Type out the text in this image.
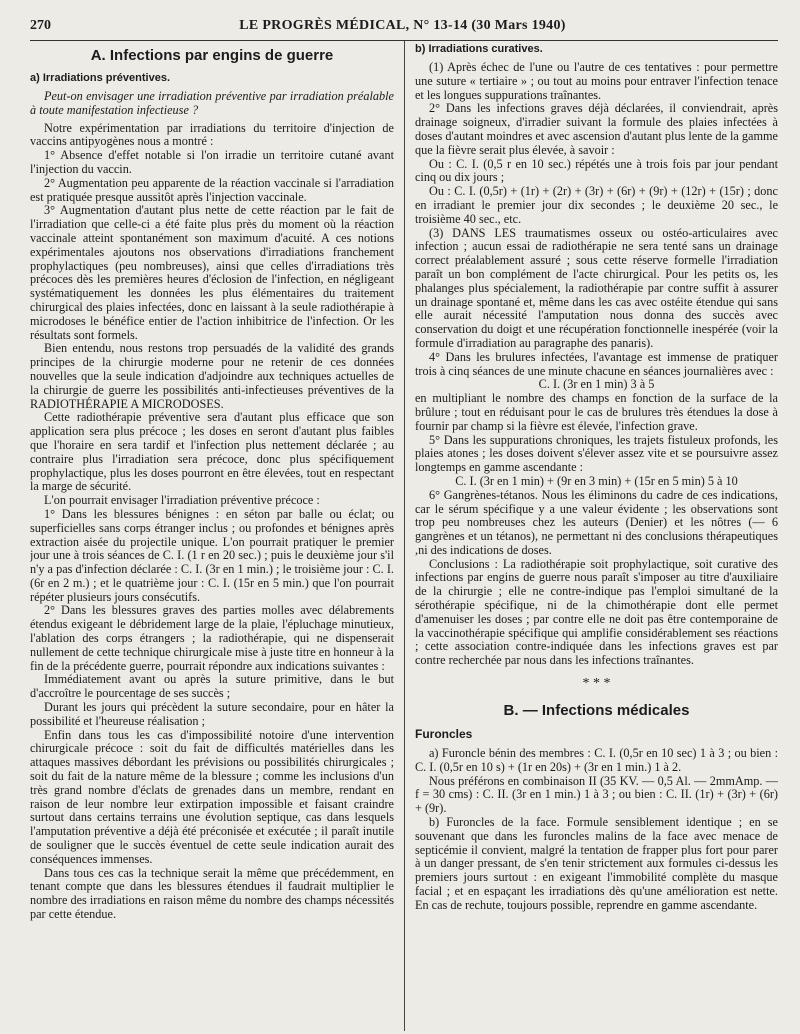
270	LE PROGRÈS MÉDICAL, N° 13-14 (30 Mars 1940)
A. Infections par engins de guerre
a) Irradiations préventives.

Peut-on envisager une irradiation préventive par irradiation préalable à toute manifestation infectieuse ?

Notre expérimentation par irradiations du territoire d'injection de vaccins antipyogènes nous a montré :

1° Absence d'effet notable si l'on irradie un territoire cutané avant l'injection du vaccin.

2° Augmentation peu apparente de la réaction vaccinale si l'arradiation est pratiquée presque aussitôt après l'injection vaccinale.

3° Augmentation d'autant plus nette de cette réaction par le fait de l'irradiation que celle-ci a été faite plus près du moment où la réaction vaccinale atteint spontanément son maximum d'acuité. A ces notions expérimentales ajoutons nos observations d'irradiations franchement prophylactiques (peu nombreuses), ainsi que celles d'irradiations très précoces dès les premières heures d'éclosion de l'infection, en négligeant systématiquement les données les plus élémentaires du traitement chirurgical des plaies infectées, donc en laissant à la seule radiothérapie à microdoses le bénéfice entier de l'action inhibitrice de l'infection. Or les résultats sont formels.

Bien entendu, nous restons trop persuadés de la validité des grands principes de la chirurgie moderne pour ne retenir de ces données nouvelles que la seule indication d'adjoindre aux techniques actuelles de la chirurgie de guerre les possibilités anti-infectieuses préventives de la RADIOTHÉRAPIE A MICRODOSES.

Cette radiothérapie préventive sera d'autant plus efficace que son application sera plus précoce ; les doses en seront d'autant plus faibles que l'horaire en sera tardif et l'infection plus nettement déclarée ; au contraire plus l'irradiation sera précoce, donc plus spécifiquement prophylactique, plus les doses pourront en être élevées, tout en respectant la marge de sécurité.

L'on pourrait envisager l'irradiation préventive précoce :

1° Dans les blessures bénignes : en séton par balle ou éclat; ou superficielles sans corps étranger inclus ; ou profondes et bénignes après extraction aisée du projectile unique. L'on pourrait pratiquer le premier jour une à trois séances de C. I. (1 r en 20 sec.) ; puis le deuxième jour s'il n'y a pas d'infection déclarée : C. I. (3r en 1 min.) ; le troisième jour : C. I. (6r en 2 m.) ; et le quatrième jour : C. I. (15r en 5 min.) que l'on pourrait répéter plusieurs jours consécutifs.

2° Dans les blessures graves des parties molles avec délabrements étendus exigeant le débridement large de la plaie, l'épluchage minutieux, l'ablation des corps étrangers ; la radiothérapie, qui ne dispenserait nullement de cette technique chirurgicale mise à juste titre en honneur à la fin de la précédente guerre, pourrait répondre aux indications suivantes :

Immédiatement avant ou après la suture primitive, dans le but d'accroître le pourcentage de ses succès ;

Durant les jours qui précèdent la suture secondaire, pour en hâter la possibilité et l'heureuse réalisation ;

Enfin dans tous les cas d'impossibilité notoire d'une intervention chirurgicale précoce : soit du fait de difficultés matérielles dans les attaques massives débordant les prévisions ou possibilités chirurgicales ; soit du fait de la nature même de la blessure ; comme les inclusions d'un très grand nombre d'éclats de grenades dans un membre, rendant en raison de leur nombre leur extirpation impossible et faisant craindre surtout dans certains terrains une évolution septique, cas dans lesquels l'amputation préventive a déjà été préconisée et exécutée ; il paraît inutile de souligner que le succès éventuel de cette seule indication aurait des conséquences immenses.

Dans tous ces cas la technique serait la même que précédemment, en tenant compte que dans les blessures étendues il faudrait multiplier le nombre des irradiations en raison même du nombre des champs nécessités par cette étendue.

b) Irradiations curatives.

(1) Après échec de l'une ou l'autre de ces tentatives : pour permettre une suture « tertiaire » ; ou tout au moins pour entraver l'infection tenace et les longues suppurations traînantes.

2° Dans les infections graves déjà déclarées, il conviendrait, après drainage soigneux, d'irradier suivant la formule des plaies infectées à doses d'autant moindres et avec ascension d'autant plus lente de la gamme que la fièvre serait plus élevée, à savoir :

Ou : C. I. (0,5 r en 10 sec.) répétés une à trois fois par jour pendant cinq ou dix jours ;

Ou : C. I. (0,5r) + (1r) + (2r) + (3r) + (6r) + (9r) + (12r) + (15r) ; donc en irradiant le premier jour dix secondes ; le deuxième 20 sec., le troisième 40 sec., etc.

(3) DANS LES traumatismes osseux ou ostéo-articulaires avec infection ; aucun essai de radiothérapie ne sera tenté sans un drainage correct préalablement assuré ; sous cette réserve formelle l'irradiation paraît un bon complément de l'acte chirurgical. Pour les petits os, les phalanges plus spécialement, la radiothérapie par contre suffit à assurer un drainage spontané et, même dans les cas avec ostéite étendue qui sans elle aurait nécessité l'amputation nous donna des succès avec conservation du doigt et une récupération fonctionnelle inespérée (voir la formule d'irradiation au paragraphe des panaris).

4° Dans les brulures infectées, l'avantage est immense de pratiquer trois à cinq séances de une minute chacune en séances journalières avec :

C. I. (3r en 1 min) 3 à 5

en multipliant le nombre des champs en fonction de la surface de la brûlure ; tout en réduisant pour le cas de brulures très étendues la dose à fournir par champ si la fièvre est élevée, l'infection grave.

5° Dans les suppurations chroniques, les trajets fistuleux profonds, les plaies atones ; les doses doivent s'élever assez vite et se poursuivre assez longtemps en gamme ascendante :

C. I. (3r en 1 min) + (9r en 3 min) + (15r en 5 min) 5 à 10

6° Gangrènes-tétanos. Nous les éliminons du cadre de ces indications, car le sérum spécifique y a une valeur évidente ; les observations sont trop peu nombreuses chez les auteurs (Denier) et les nôtres (— 6 gangrènes et un tétanos), ne permettant ni des conclusions thérapeutiques ,ni des indications de doses.

Conclusions : La radiothérapie soit prophylactique, soit curative des infections par engins de guerre nous paraît s'imposer au titre d'auxiliaire de la chirurgie ; elle ne contre-indique pas l'emploi simultané de la sérothérapie spécifique, ni de la chimothérapie dont elle permet d'amenuiser les doses ; par contre elle ne doit pas être contemporaine de la vaccinothérapie spécifique qui amplifie considérablement ses réactions ; cette association contre-indiquée dans les infections graves est par contre recherchée par nous dans les infections traînantes.

* * *
B. — Infections médicales
Furoncles

a) Furoncle bénin des membres : C. I. (0,5r en 10 sec) 1 à 3 ; ou bien : C. I. (0,5r en 10 s) + (1r en 20s) + (3r en 1 min.) 1 à 2.

Nous préférons en combinaison II (35 KV. — 0,5 Al. — 2mmAmp. — f = 30 cms) : C. II. (3r en 1 min.) 1 à 3 ; ou bien : C. II. (1r) + (3r) + (6r) + (9r).

b) Furoncles de la face. Formule sensiblement identique ; en se souvenant que dans les furoncles malins de la face avec menace de septicémie il convient, malgré la tentation de frapper plus fort pour parer à un danger pressant, de s'en tenir strictement aux formules ci-dessus les premiers jours surtout : en exigeant l'immobilité complète du masque facial ; et en espaçant les irradiations dès qu'une amélioration est nette. En cas de rechute, toujours possible, reprendre en gamme ascendante.
